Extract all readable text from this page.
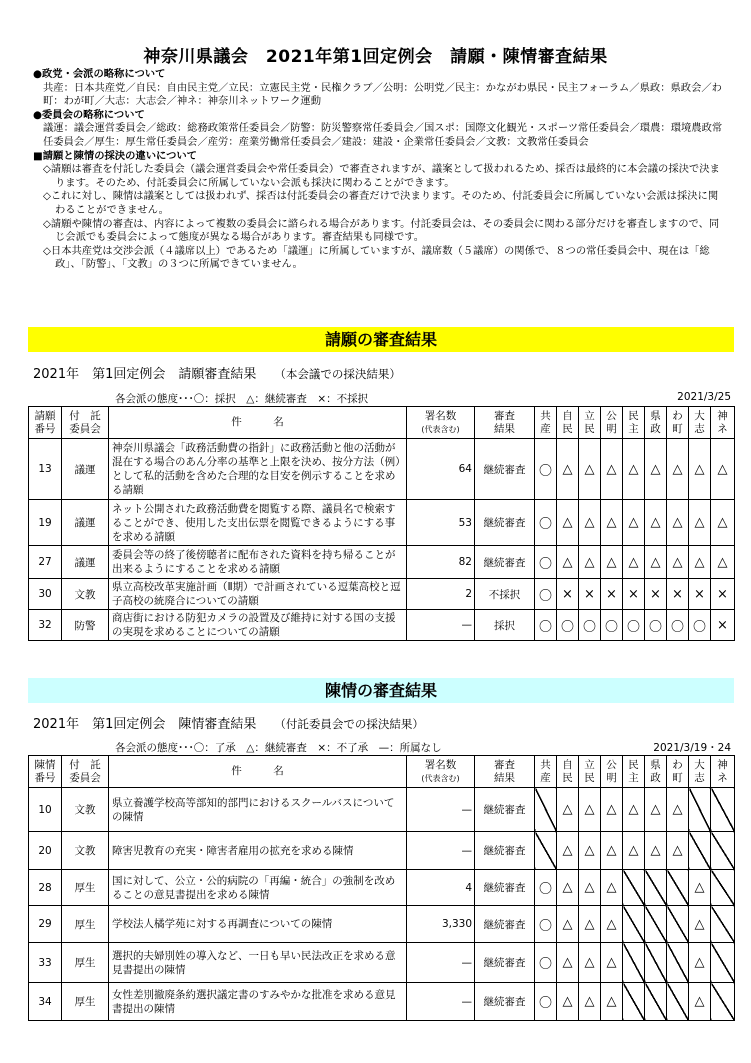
神奈川県議会　2021年第1回定例会　請願・陳情審査結果
●政党・会派の略称について
共産：日本共産党／自民：自由民主党／立民：立憲民主党・民権クラブ／公明：公明党／民主：かながわ県民・民主フォーラム／県政：県政会／わ町：わが町／大志：大志会／神ネ：神奈川ネットワーク運動
●委員会の略称について
議運：議会運営委員会／総政：総務政策常任委員会／防警：防災警察常任委員会／国スポ：国際文化観光・スポーツ常任委員会／環農：環境農政常任委員会／厚生：厚生常任委員会／産労：産業労働常任委員会／建設：建設・企業常任委員会／文教：文教常任委員会
■請願と陳情の採決の違いについて
◇請願は審査を付託した委員会（議会運営委員会や常任委員会）で審査されますが、議案として扱われるため、採否は最終的に本会議の採決で決まります。そのため、付託委員会に所属していない会派も採決に関わることができます。
◇これに対し、陳情は議案としては扱われず、採否は付託委員会の審査だけで決まります。そのため、付託委員会に所属していない会派は採決に関わることができません。
◇請願や陳情の審査は、内容によって複数の委員会に諮られる場合があります。付託委員会は、その委員会に関わる部分だけを審査しますので、同じ会派でも委員会によって態度が異なる場合があります。審査結果も同様です。
◇日本共産党は交渉会派（４議席以上）であるため「議運」に所属していますが、議席数（５議席）の関係で、８つの常任委員会中、現在は「総政」、「防警」、「文教」の３つに所属できていません。
請願の審査結果
2021年　第1回定例会　請願審査結果 （本会議での採決結果）
各会派の態度･･･〇：採択　△：継続審査　×：不採択	2021/3/25
請願
番号	付　託
委員会	件　　　名	署名数
(代表含む)	審査
結果	共
産	自
民	立
民	公
明	民
主	県
政	わ
町	大
志	神
ネ
13	議運	神奈川県議会「政務活動費の指針」に政務活動と他の活動が混在する場合のあん分率の基準と上限を決め、按分方法（例）として私的活動を含めた合理的な目安を例示することを求める請願	64	継続審査	〇	△	△	△	△	△	△	△	△
19	議運	ネット公開された政務活動費を閲覧する際、議員名で検索することができ、使用した支出伝票を閲覧できるようにする事を求める請願	53	継続審査	〇	△	△	△	△	△	△	△	△
27	議運	委員会等の終了後傍聴者に配布された資料を持ち帰ることが出来るようにすることを求める請願	82	継続審査	〇	△	△	△	△	△	△	△	△
30	文教	県立高校改革実施計画（Ⅱ期）で計画されている逗葉高校と逗子高校の統廃合についての請願	2	不採択	〇	×	×	×	×	×	×	×	×
32	防警	商店街における防犯カメラの設置及び維持に対する国の支援の実現を求めることについての請願	—	採択	〇	〇	〇	〇	〇	〇	〇	〇	×
陳情の審査結果
2021年　第1回定例会　陳情審査結果 （付託委員会での採決結果）
各会派の態度･･･〇：了承　△：継続審査　×：不了承　—：所属なし	2021/3/19・24
陳情
番号	付　託
委員会	件　　　名	署名数
(代表含む)	審査
結果	共
産	自
民	立
民	公
明	民
主	県
政	わ
町	大
志	神
ネ
10	文教	県立養護学校高等部知的部門におけるスクールバスについての陳情	—	継続審査		△	△	△	△	△	△		
20	文教	障害児教育の充実・障害者雇用の拡充を求める陳情	—	継続審査		△	△	△	△	△	△		
28	厚生	国に対して、公立・公的病院の「再編・統合」の強制を改めることの意見書提出を求める陳情	4	継続審査	〇	△	△	△				△	
29	厚生	学校法人橘学苑に対する再調査についての陳情	3,330	継続審査	〇	△	△	△				△	
33	厚生	選択的夫婦別姓の導入など、一日も早い民法改正を求める意見書提出の陳情	—	継続審査	〇	△	△	△				△	
34	厚生	女性差別撤廃条約選択議定書のすみやかな批准を求める意見書提出の陳情	—	継続審査	〇	△	△	△				△	
